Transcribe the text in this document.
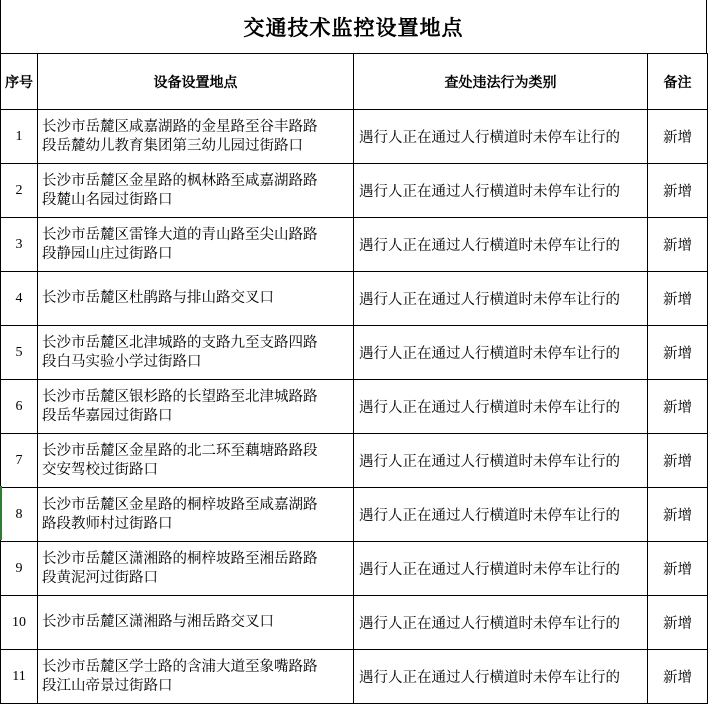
交通技术监控设置地点
序号	设备设置地点	查处违法行为类别	备注
1	长沙市岳麓区咸嘉湖路的金星路至谷丰路路
段岳麓幼儿教育集团第三幼儿园过街路口	遇行人正在通过人行横道时未停车让行的	新增
2	长沙市岳麓区金星路的枫林路至咸嘉湖路路
段麓山名园过街路口	遇行人正在通过人行横道时未停车让行的	新增
3	长沙市岳麓区雷锋大道的青山路至尖山路路
段静园山庄过街路口	遇行人正在通过人行横道时未停车让行的	新增
4	长沙市岳麓区杜鹃路与排山路交叉口	遇行人正在通过人行横道时未停车让行的	新增
5	长沙市岳麓区北津城路的支路九至支路四路
段白马实验小学过街路口	遇行人正在通过人行横道时未停车让行的	新增
6	长沙市岳麓区银杉路的长望路至北津城路路
段岳华嘉园过街路口	遇行人正在通过人行横道时未停车让行的	新增
7	长沙市岳麓区金星路的北二环至藕塘路路段
交安驾校过街路口	遇行人正在通过人行横道时未停车让行的	新增
8	长沙市岳麓区金星路的桐梓坡路至咸嘉湖路
路段教师村过街路口	遇行人正在通过人行横道时未停车让行的	新增
9	长沙市岳麓区潇湘路的桐梓坡路至湘岳路路
段黄泥河过街路口	遇行人正在通过人行横道时未停车让行的	新增
10	长沙市岳麓区潇湘路与湘岳路交叉口	遇行人正在通过人行横道时未停车让行的	新增
11	长沙市岳麓区学士路的含浦大道至象嘴路路
段江山帝景过街路口	遇行人正在通过人行横道时未停车让行的	新增
